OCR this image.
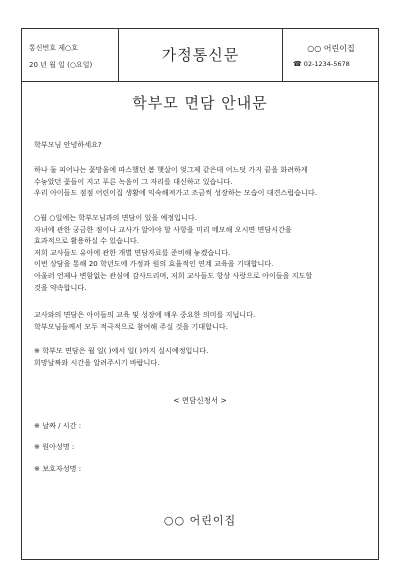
통신번호 제○호
20 년 월 일 (○요일)
가정통신문	○○ 어린이집
☎ 02-1234-5678
학부모 면담 안내문
학부모님 안녕하세요?
하나 둘 피어나는 꽃망울에 따스했던 봄 햇살이 엊그제 같은데 어느덧 가지 끝을 화려하게
수놓았던 꽃들이 지고 푸른 녹음이 그 자리를 대신하고 있습니다.
우리 아이들도 점점 어린이집 생활에 익숙해져가고 조금씩 성장하는 모습이 대견스럽습니다.
○월 ○일에는 학부모님과의 면담이 있을 예정입니다.
자녀에 관한 궁금한 점이나 교사가 알아야 할 사항을 미리 메모해 오시면 면담시간을
효과적으로 활용하실 수 있습니다.
저희 교사들도 유아에 관한 개별 면담자료를 준비해 놓겠습니다.
이번 상담을 통해 20 학년도에 가정과 원의 효율적인 연계 교육을 기대합니다.
아울러 언제나 변함없는 관심에 감사드리며, 저희 교사들도 항상 사랑으로 아이들을 지도할
것을 약속합니다.
교사와의 면담은 아이들의 교육 및 성장에 매우 중요한 의미를 지닙니다.
학부모님들께서 모두 적극적으로 참여해 주실 것을 기대합니다.
※ 학부모 면담은 월 일( )에서 일( )까지 실시예정입니다.
희망날짜와 시간을 알려주시기 바랍니다.
< 면담신청서 >
※ 날짜 / 시간 :
※ 원아성명 :
※ 보호자성명 :
○○ 어린이집
